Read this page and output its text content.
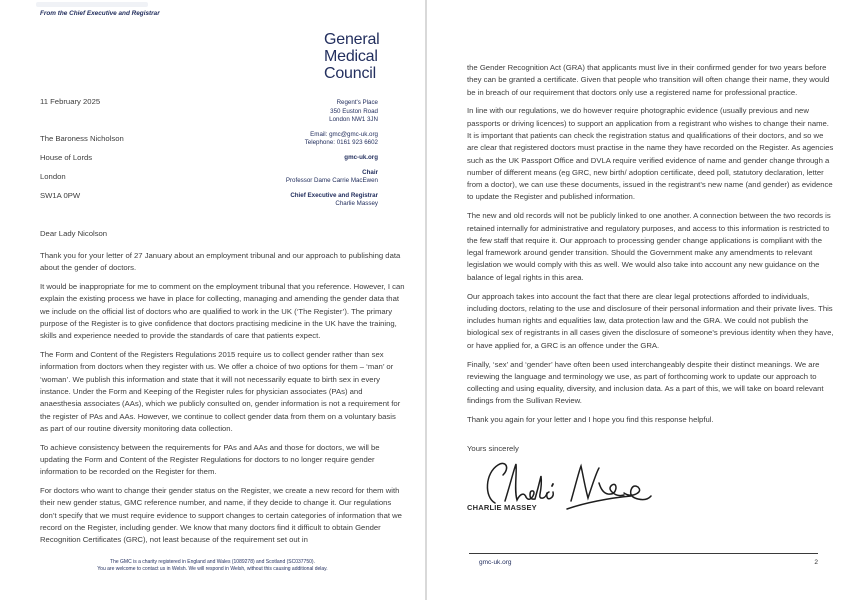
From the Chief Executive and Registrar
General
Medical
Council
11 February 2025	Regent's Place
350 Euston Road
London NW1 3JN
Email: gmc@gmc-uk.org
Telephone: 0161 923 6602
gmc-uk.org
Chair
Professor Dame Carrie MacEwen
Chief Executive and Registrar
Charlie Massey
The Baroness Nicholson
House of Lords
London
SW1A 0PW
Dear Lady Nicolson

Thank you for your letter of 27 January about an employment tribunal and our approach to publishing data about the gender of doctors.

It would be inappropriate for me to comment on the employment tribunal that you reference. However, I can explain the existing process we have in place for collecting, managing and amending the gender data that we include on the official list of doctors who are qualified to work in the UK (‘The Register’). The primary purpose of the Register is to give confidence that doctors practising medicine in the UK have the training, skills and experience needed to provide the standards of care that patients expect.

The Form and Content of the Registers Regulations 2015 require us to collect gender rather than sex information from doctors when they register with us. We offer a choice of two options for them – ‘man’ or ‘woman’. We publish this information and state that it will not necessarily equate to birth sex in every instance. Under the Form and Keeping of the Register rules for physician associates (PAs) and anaesthesia associates (AAs), which we publicly consulted on, gender information is not a requirement for the register of PAs and AAs. However, we continue to collect gender data from them on a voluntary basis as part of our routine diversity monitoring data collection.

To achieve consistency between the requirements for PAs and AAs and those for doctors, we will be updating the Form and Content of the Register Regulations for doctors to no longer require gender information to be recorded on the Register for them.

For doctors who want to change their gender status on the Register, we create a new record for them with their new gender status, GMC reference number, and name, if they decide to change it. Our regulations don’t specify that we must require evidence to support changes to certain categories of information that we record on the Register, including gender. We know that many doctors find it difficult to obtain Gender Recognition Certificates (GRC), not least because of the requirement set out in

The GMC is a charity registered in England and Wales (1089278) and Scotland (SC037750).
You are welcome to contact us in Welsh. We will respond in Welsh, without this causing additional delay.

the Gender Recognition Act (GRA) that applicants must live in their confirmed gender for two years before they can be granted a certificate. Given that people who transition will often change their name, they would be in breach of our requirement that doctors only use a registered name for professional practice.

In line with our regulations, we do however require photographic evidence (usually previous and new passports or driving licences) to support an application from a registrant who wishes to change their name. It is important that patients can check the registration status and qualifications of their doctors, and so we are clear that registered doctors must practise in the name they have recorded on the Register. As agencies such as the UK Passport Office and DVLA require verified evidence of name and gender change through a number of different means (eg GRC, new birth/ adoption certificate, deed poll, statutory declaration, letter from a doctor), we can use these documents, issued in the registrant’s new name (and gender) as evidence to update the Register and published information.

The new and old records will not be publicly linked to one another. A connection between the two records is retained internally for administrative and regulatory purposes, and access to this information is restricted to the few staff that require it. Our approach to processing gender change applications is compliant with the legal framework around gender transition. Should the Government make any amendments to relevant legislation we would comply with this as well. We would also take into account any new guidance on the balance of legal rights in this area.

Our approach takes into account the fact that there are clear legal protections afforded to individuals, including doctors, relating to the use and disclosure of their personal information and their private lives. This includes human rights and equalities law, data protection law and the GRA. We could not publish the biological sex of registrants in all cases given the disclosure of someone’s previous identity when they have, or have applied for, a GRC is an offence under the GRA.

Finally, ‘sex’ and ‘gender’ have often been used interchangeably despite their distinct meanings. We are reviewing the language and terminology we use, as part of forthcoming work to update our approach to collecting and using equality, diversity, and inclusion data. As a part of this, we will take on board relevant findings from the Sullivan Review.

Thank you again for your letter and I hope you find this response helpful.

Yours sincerely
CHARLIE MASSEY
gmc-uk.org	2
